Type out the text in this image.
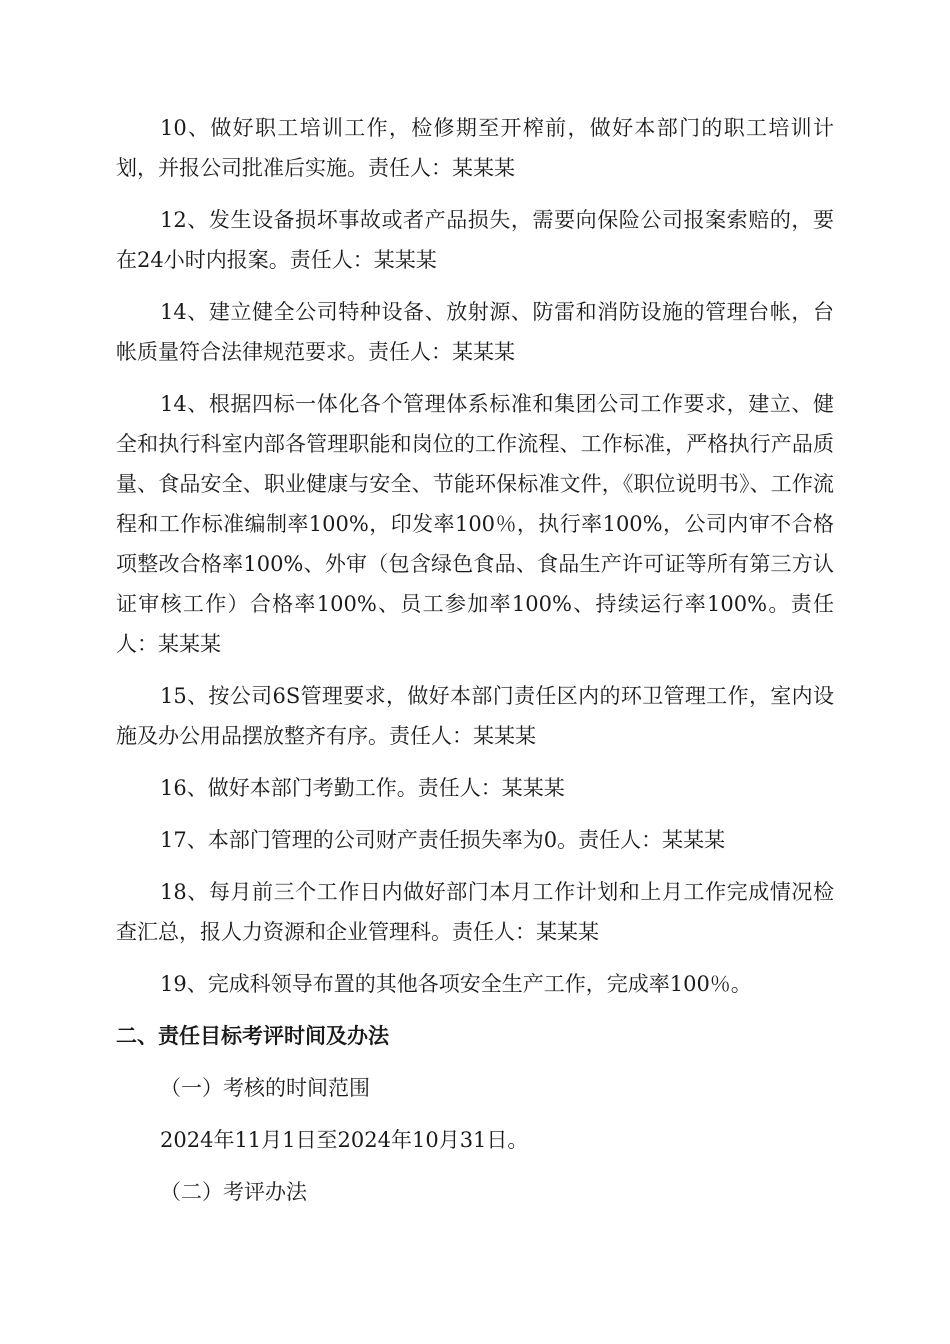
10、做好职工培训工作，检修期至开榨前，做好本部门的职工培训计划，并报公司批准后实施。责任人：某某某

12、发生设备损坏事故或者产品损失，需要向保险公司报案索赔的，要在24小时内报案。责任人：某某某

14、建立健全公司特种设备、放射源、防雷和消防设施的管理台帐，台帐质量符合法律规范要求。责任人：某某某

14、根据四标一体化各个管理体系标准和集团公司工作要求，建立、健全和执行科室内部各管理职能和岗位的工作流程、工作标准，严格执行产品质量、食品安全、职业健康与安全、节能环保标准文件，《职位说明书》、工作流程和工作标准编制率100%，印发率100％，执行率100%，公司内审不合格项整改合格率100%、外审（包含绿色食品、食品生产许可证等所有第三方认证审核工作）合格率100%、员工参加率100%、持续运行率100%。责任人：某某某

15、按公司6S管理要求，做好本部门责任区内的环卫管理工作，室内设施及办公用品摆放整齐有序。责任人：某某某

16、做好本部门考勤工作。责任人：某某某

17、本部门管理的公司财产责任损失率为0。责任人：某某某

18、每月前三个工作日内做好部门本月工作计划和上月工作完成情况检查汇总，报人力资源和企业管理科。责任人：某某某

19、完成科领导布置的其他各项安全生产工作，完成率100％。

二、责任目标考评时间及办法

（一）考核的时间范围

2024年11月1日至2024年10月31日。

（二）考评办法
